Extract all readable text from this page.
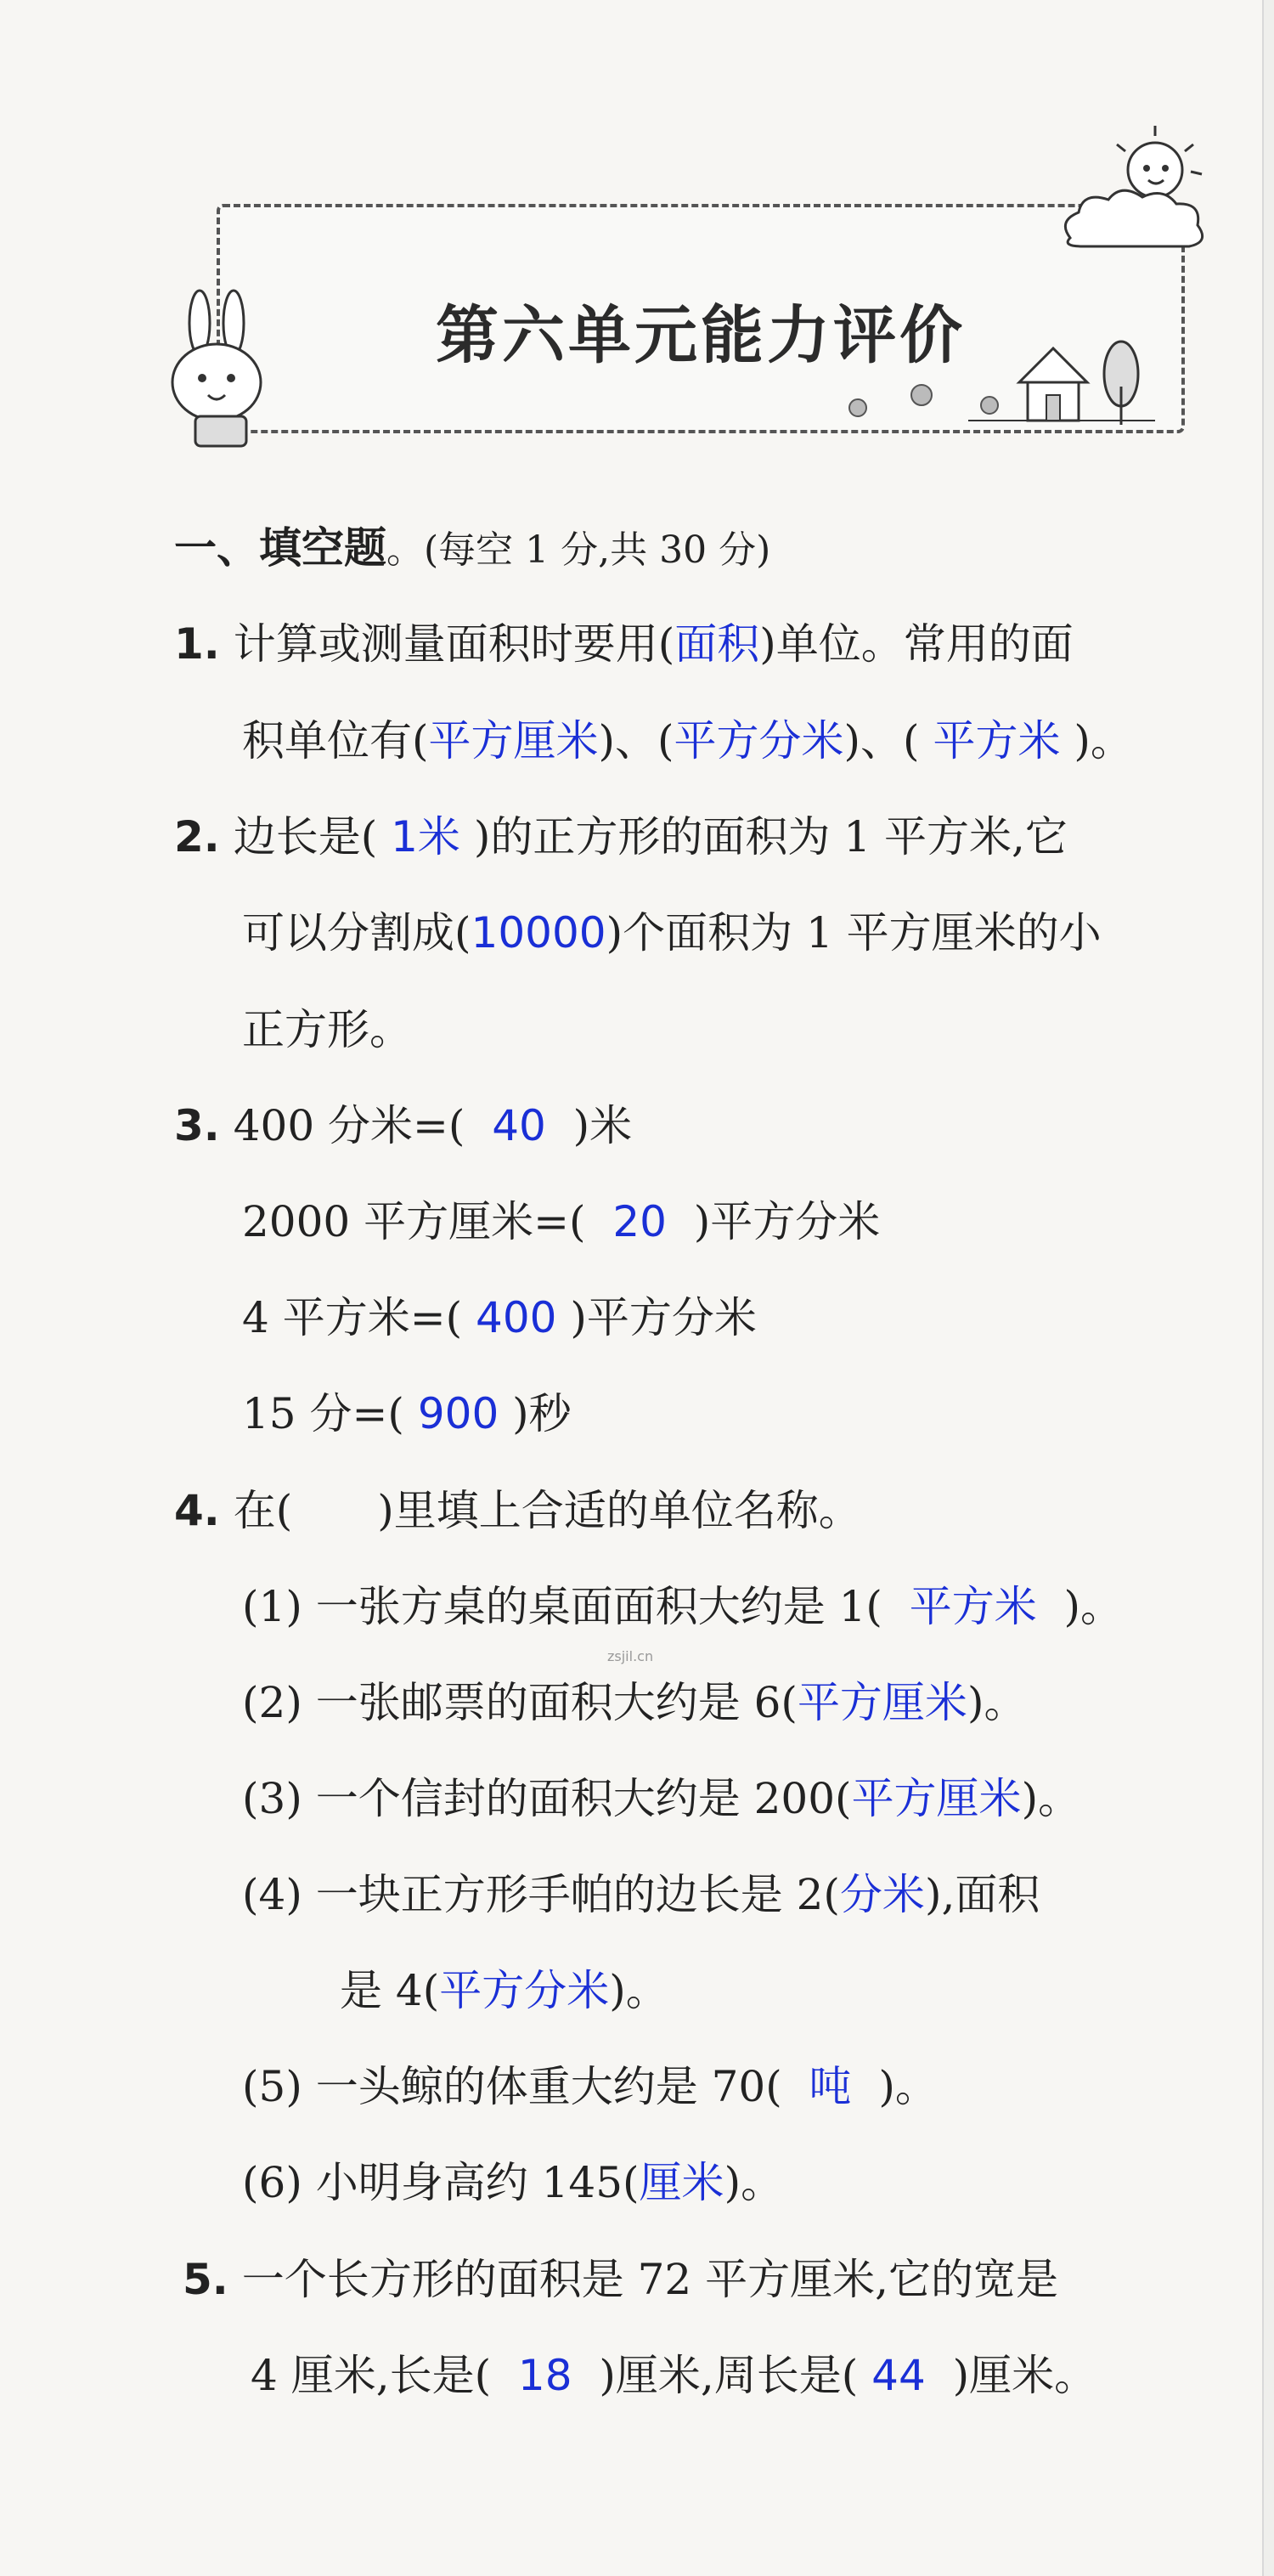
第六单元能力评价
一、填空题。(每空 1 分,共 30 分)
1. 计算或测量面积时要用(面积)单位。常用的面
积单位有(平方厘米)、(平方分米)、( 平方米 )。
2. 边长是( 1米 )的正方形的面积为 1 平方米,它
可以分割成(10000)个面积为 1 平方厘米的小
正方形。
3. 400 分米=( 40 )米
2000 平方厘米=( 20 )平方分米
4 平方米=( 400 )平方分米
15 分=( 900 )秒
4. 在(　　)里填上合适的单位名称。
(1) 一张方桌的桌面面积大约是 1( 平方米 )。
(2) 一张邮票的面积大约是 6(平方厘米)。
(3) 一个信封的面积大约是 200(平方厘米)。
(4) 一块正方形手帕的边长是 2(分米),面积
是 4(平方分米)。
(5) 一头鲸的体重大约是 70( 吨 )。
(6) 小明身高约 145(厘米)。
5. 一个长方形的面积是 72 平方厘米,它的宽是
4 厘米,长是( 18 )厘米,周长是( 44 )厘米。
zsjil.cn
